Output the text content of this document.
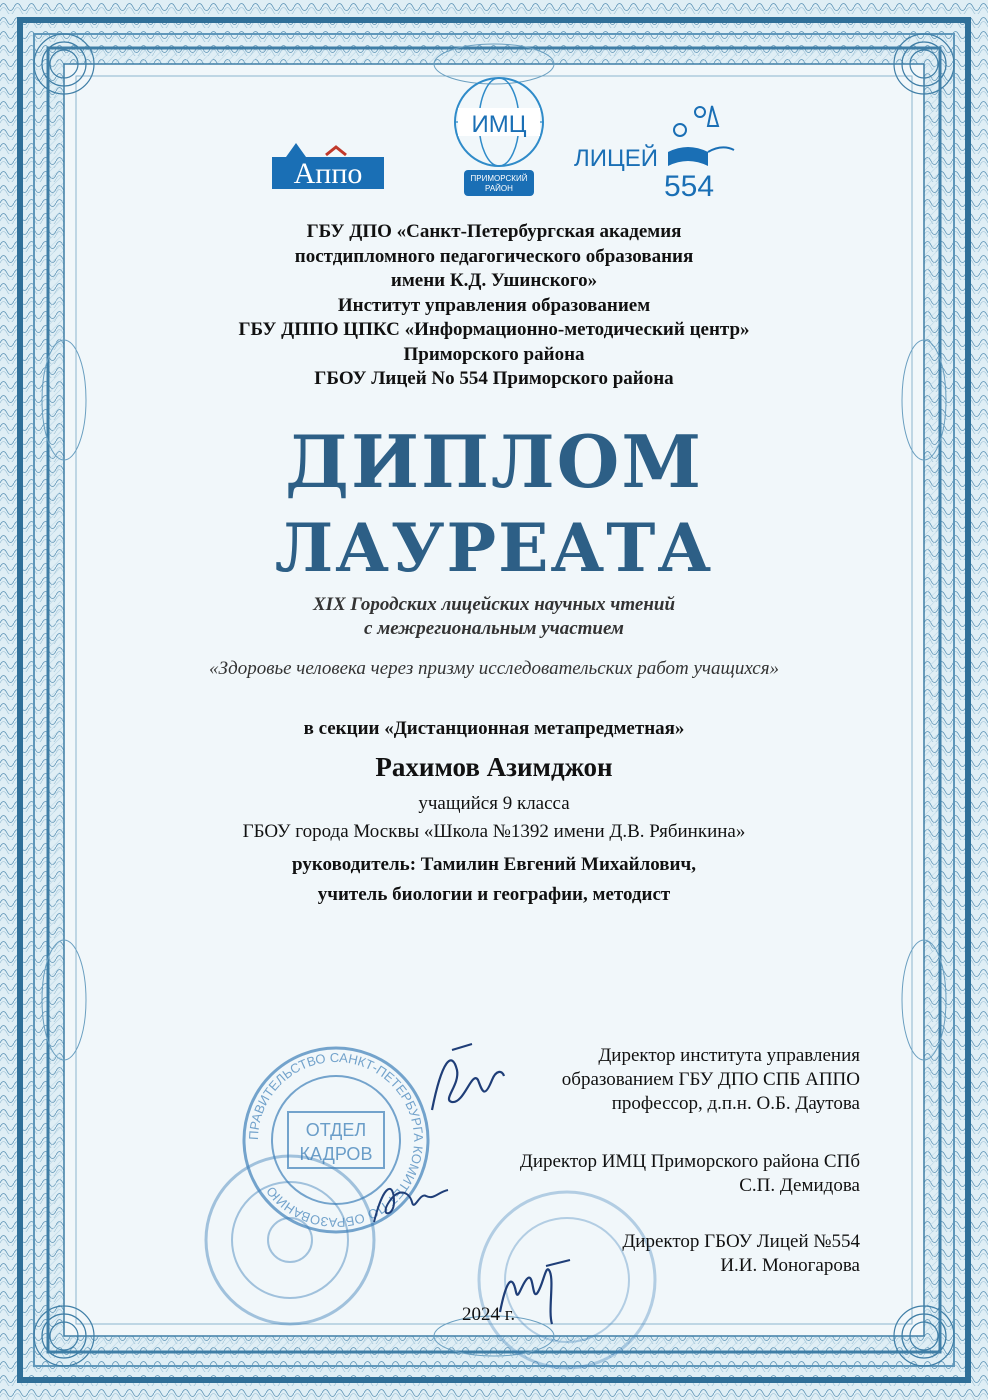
Аппо
ИМЦ
ПРИМОРСКИЙ
РАЙОН
ЛИЦЕЙ
554
ГБУ ДПО «Санкт-Петербургская академия
постдипломного педагогического образования
имени К.Д. Ушинского»
Институт управления образованием
ГБУ ДППО ЦПКС «Информационно-методический центр»
Приморского района
ГБОУ Лицей No 554 Приморского района
ДИПЛОМ
ЛАУРЕАТА
XIX Городских лицейских научных чтений
с межрегиональным участием
«Здоровье человека через призму исследовательских работ учащихся»
в секции «Дистанционная метапредметная»
Рахимов Азимджон
учащийся 9 класса
ГБОУ города Москвы «Школа №1392 имени Д.В. Рябинкина»
руководитель: Тамилин Евгений Михайлович,
учитель биологии и географии, методист
ПРАВИТЕЛЬСТВО САНКТ-ПЕТЕРБУРГА КОМИТЕТ ПО ОБРАЗОВАНИЮ
ОТДЕЛ
КАДРОВ
Директор института управления
образованием ГБУ ДПО СПБ АППО
профессор, д.п.н. О.Б. Даутова
Директор ИМЦ Приморского района СПб
С.П. Демидова
Директор ГБОУ Лицей №554
И.И. Моногарова
2024 г.
